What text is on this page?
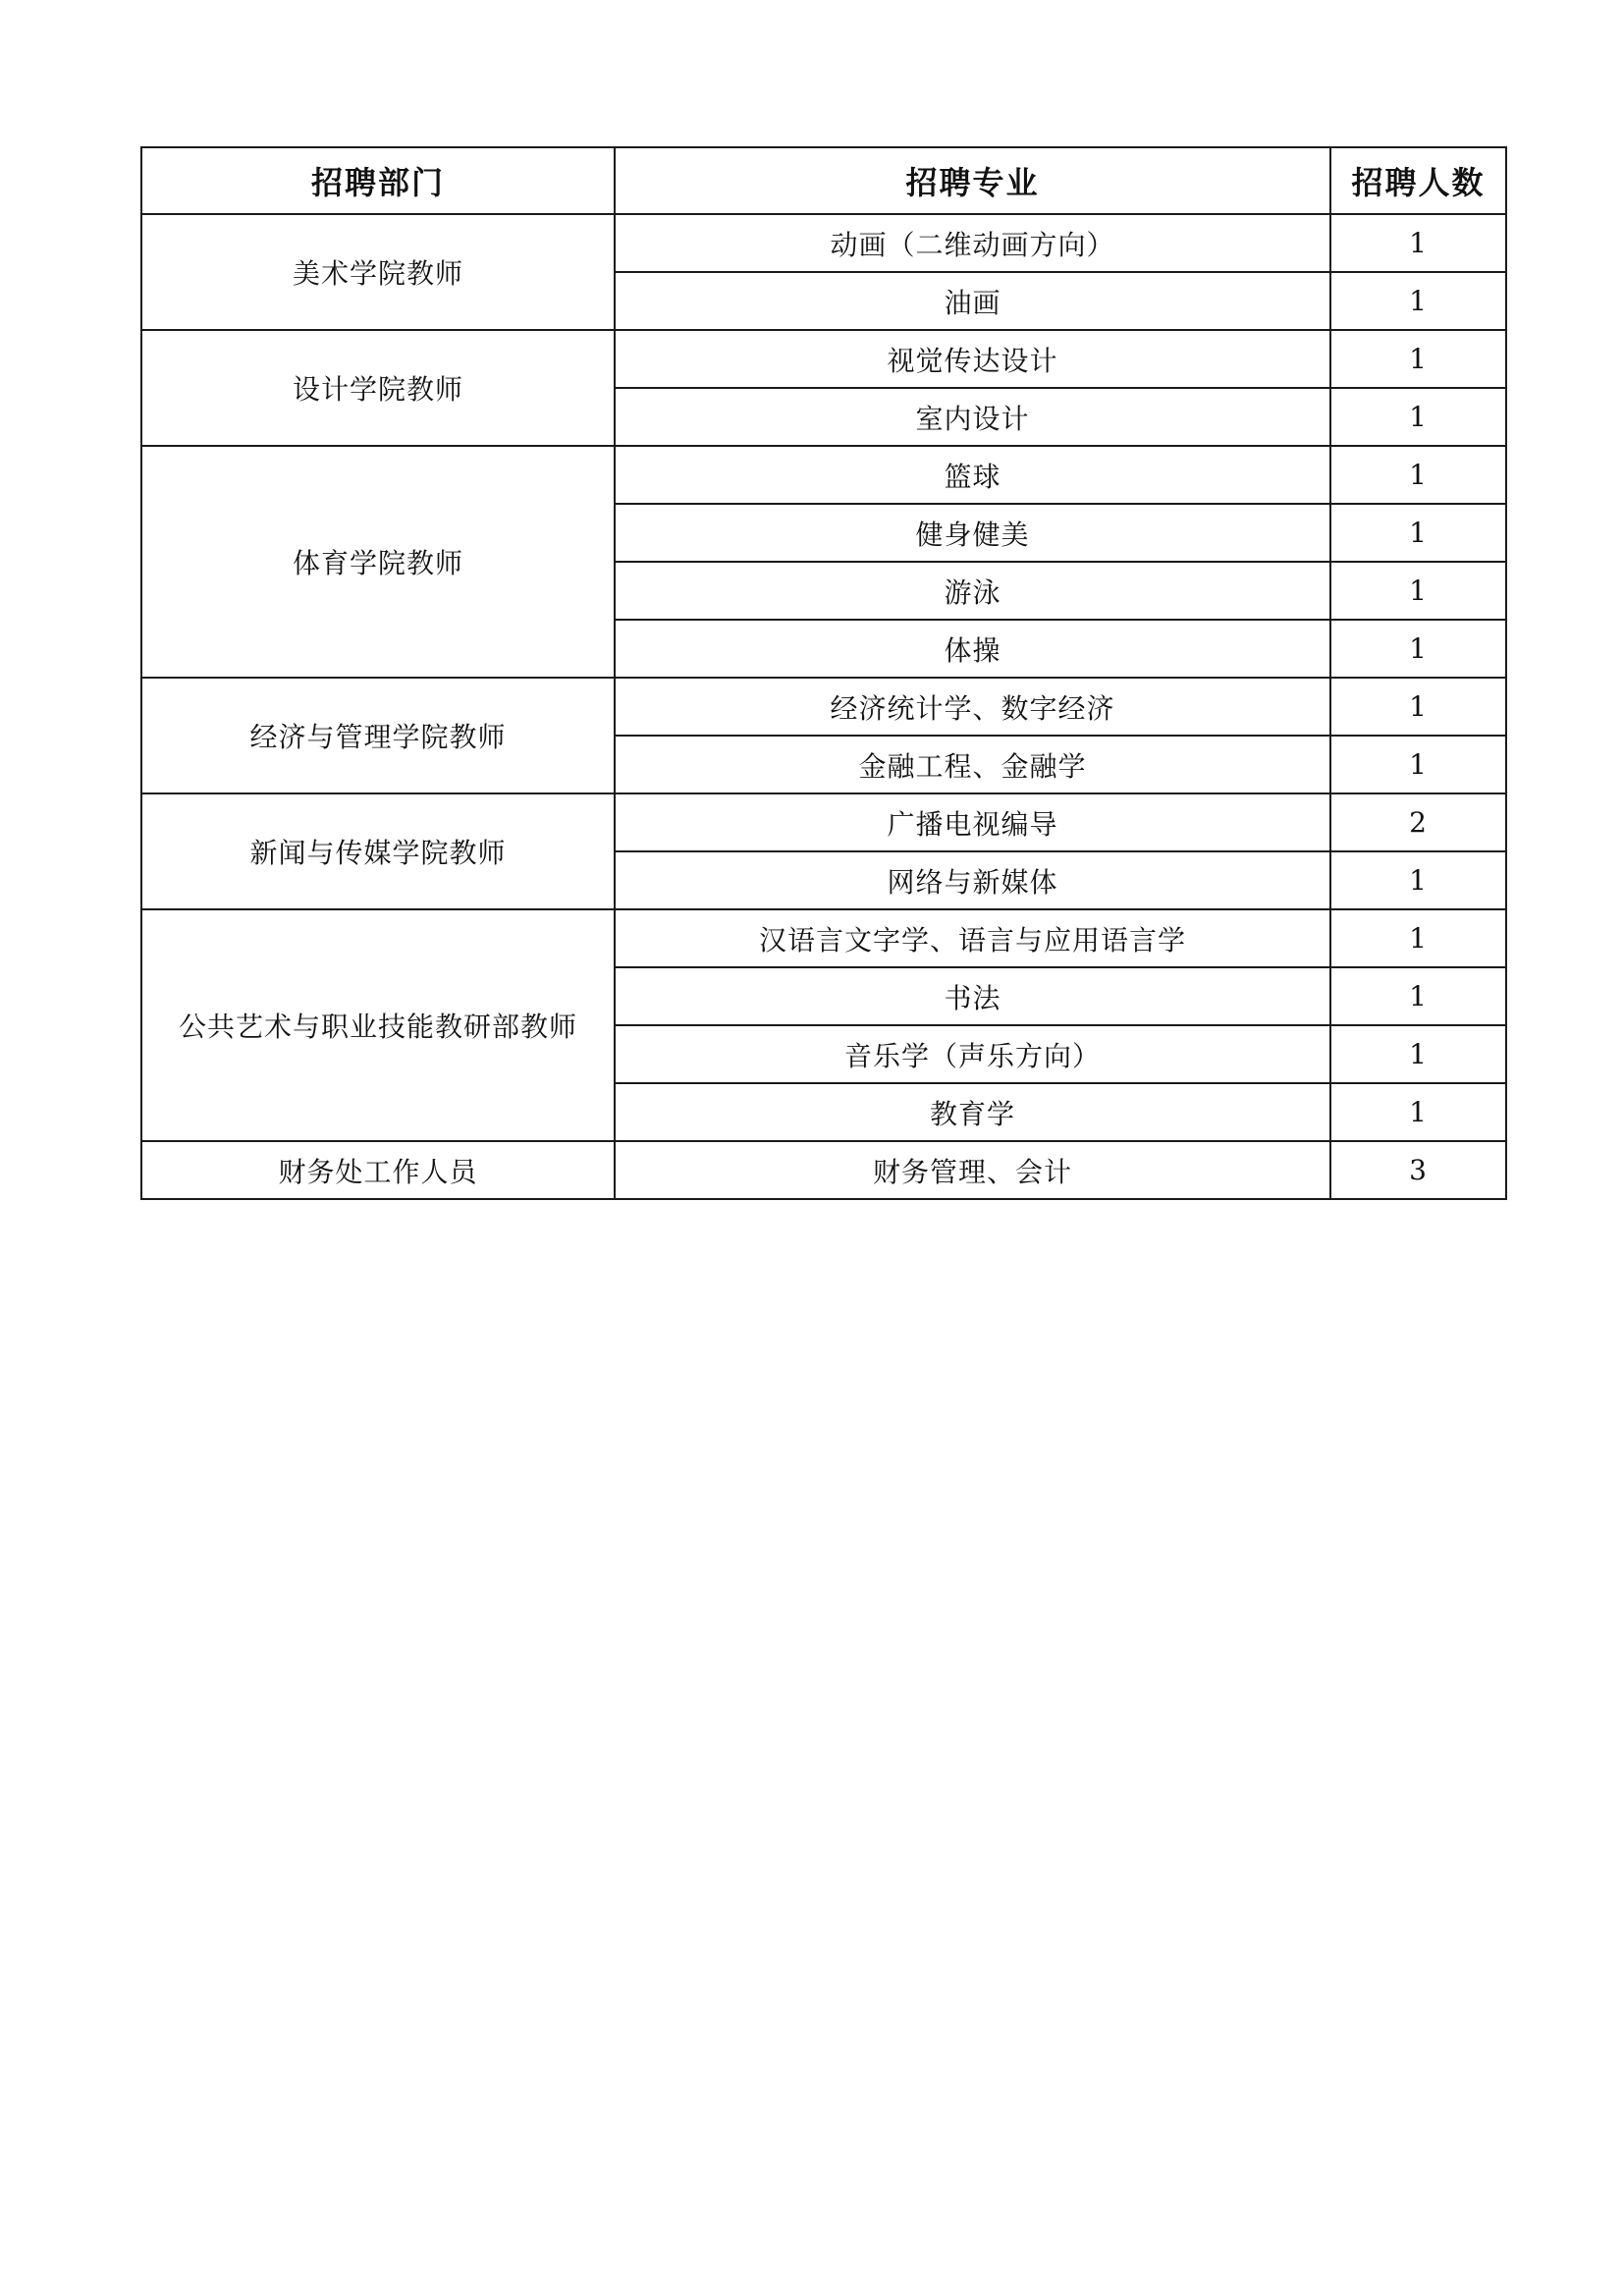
招聘部门	招聘专业	招聘人数
美术学院教师	动画（二维动画方向）	1
	油画	1
设计学院教师	视觉传达设计	1
	室内设计	1
体育学院教师	篮球	1
	健身健美	1
	游泳	1
	体操	1
经济与管理学院教师	经济统计学、数字经济	1
	金融工程、金融学	1
新闻与传媒学院教师	广播电视编导	2
	网络与新媒体	1
公共艺术与职业技能教研部教师	汉语言文字学、语言与应用语言学	1
	书法	1
	音乐学（声乐方向）	1
	教育学	1
财务处工作人员	财务管理、会计	3
